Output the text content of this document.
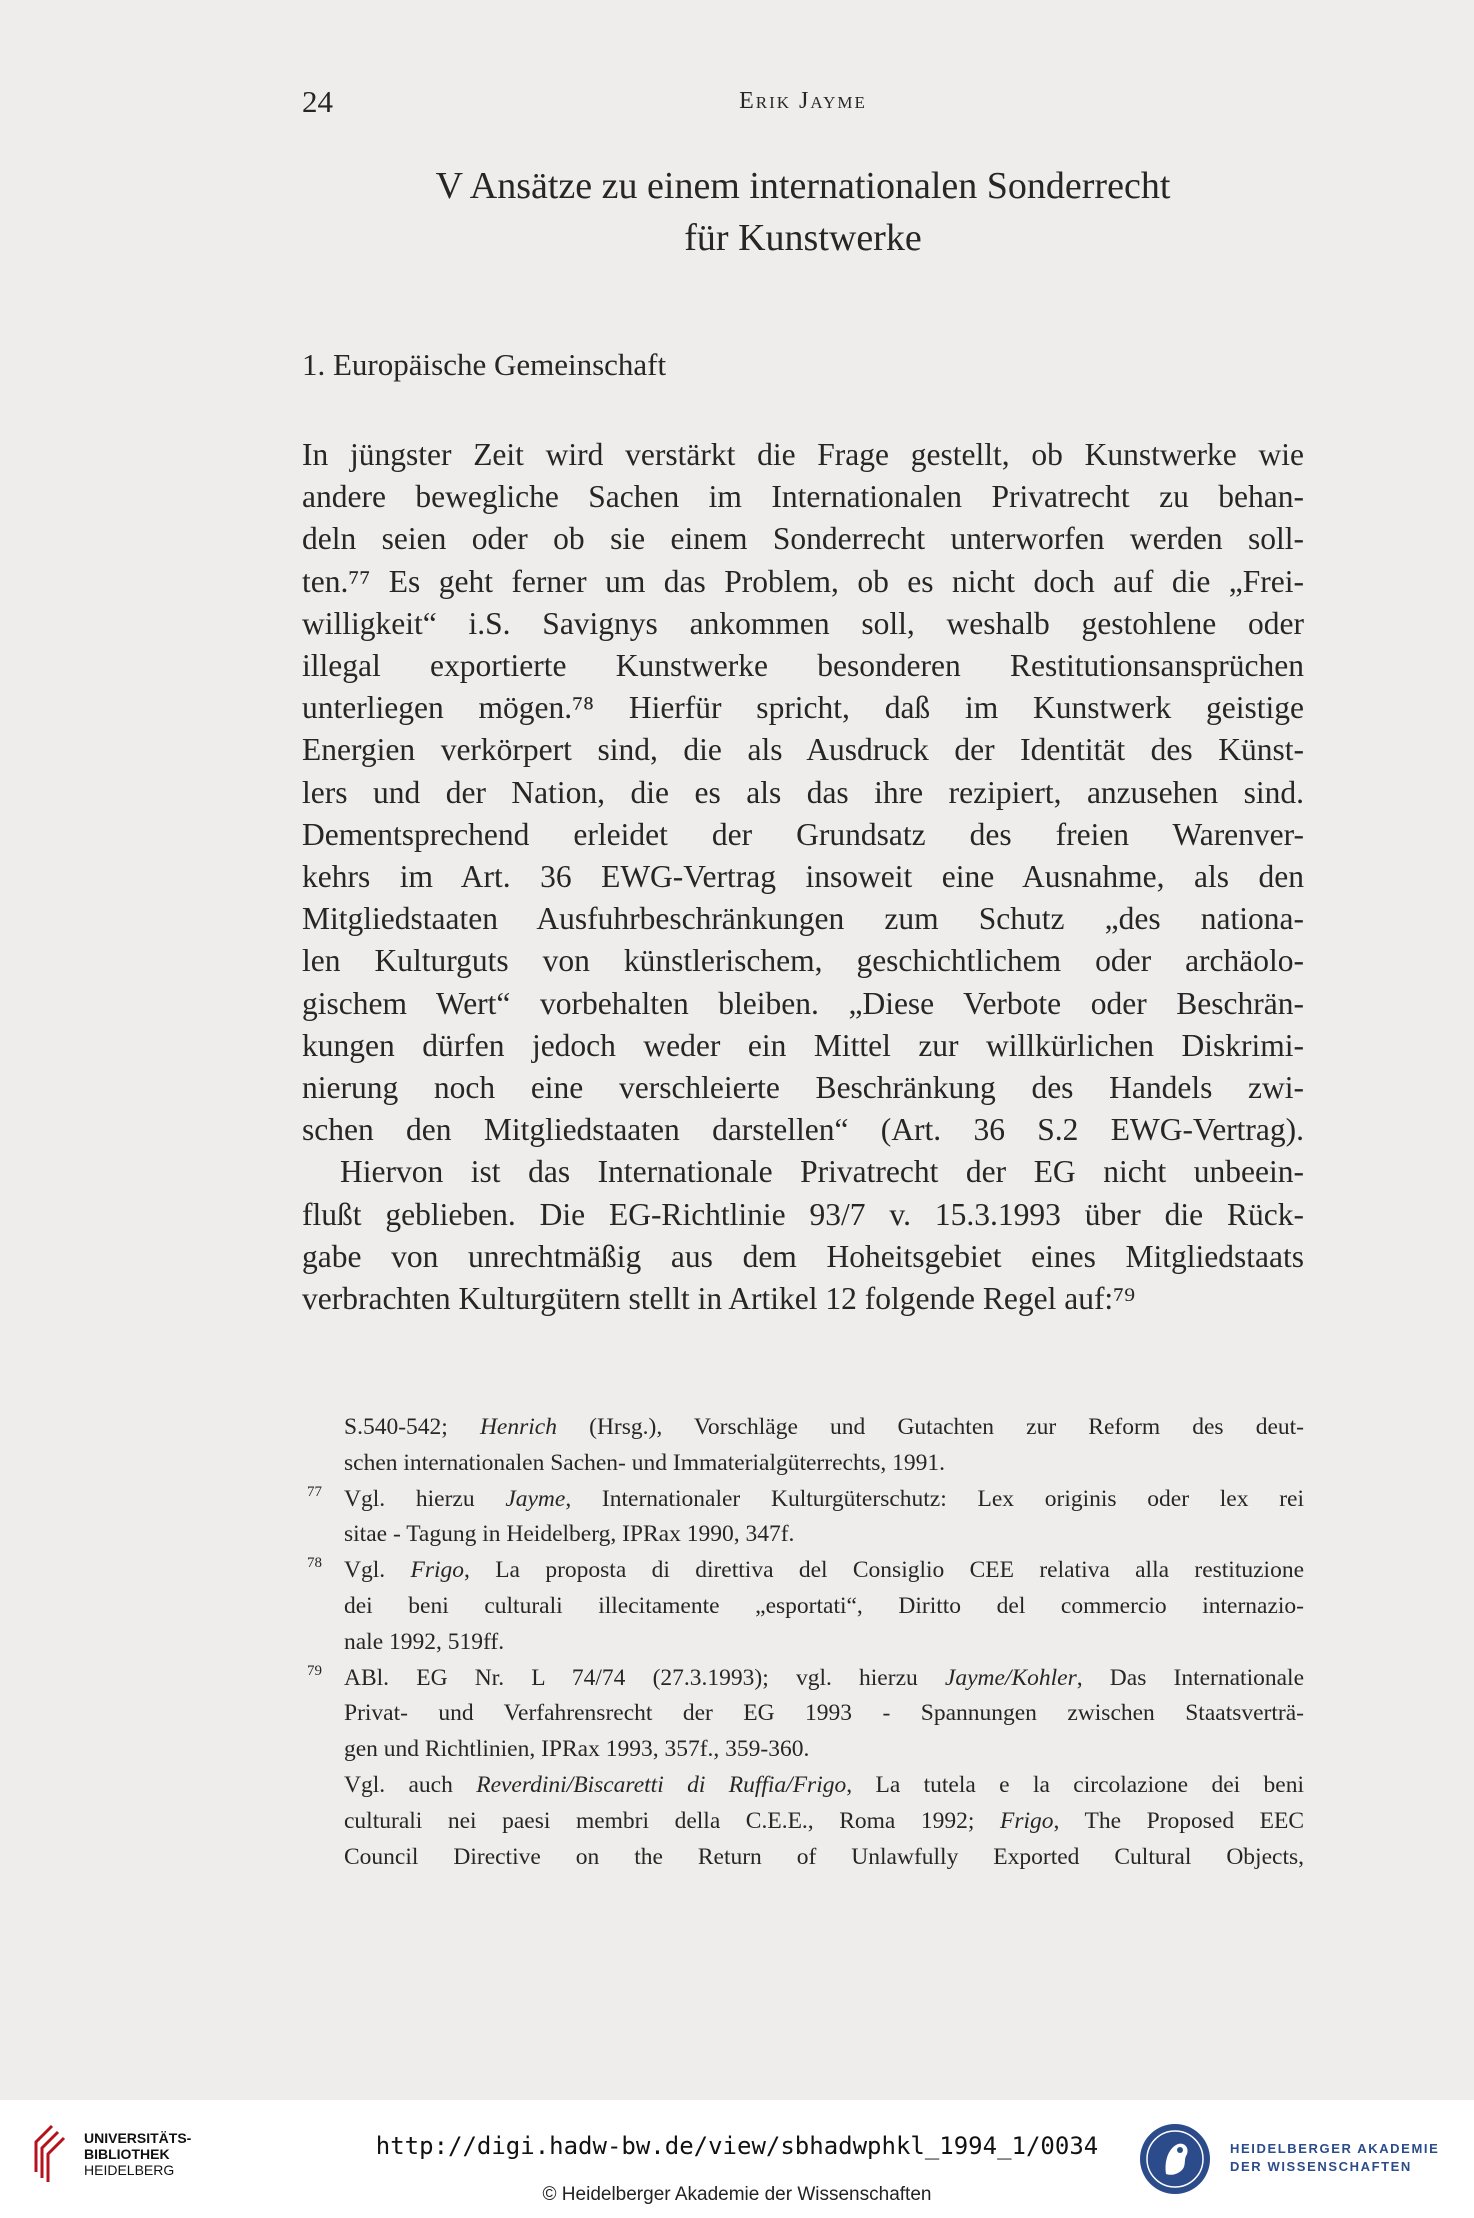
24	Erik Jayme
V Ansätze zu einem internationalen Sonderrecht
für Kunstwerke
1. Europäische Gemeinschaft
In jüngster Zeit wird verstärkt die Frage gestellt, ob Kunstwerke wie
andere bewegliche Sachen im Internationalen Privatrecht zu behan-
deln seien oder ob sie einem Sonderrecht unterworfen werden soll-
ten.⁷⁷ Es geht ferner um das Problem, ob es nicht doch auf die „Frei-
willigkeit“ i.S. Savignys ankommen soll, weshalb gestohlene oder
illegal exportierte Kunstwerke besonderen Restitutionsansprüchen
unterliegen mögen.⁷⁸ Hierfür spricht, daß im Kunstwerk geistige
Energien verkörpert sind, die als Ausdruck der Identität des Künst-
lers und der Nation, die es als das ihre rezipiert, anzusehen sind.
Dementsprechend erleidet der Grundsatz des freien Warenver-
kehrs im Art. 36 EWG-Vertrag insoweit eine Ausnahme, als den
Mitgliedstaaten Ausfuhrbeschränkungen zum Schutz „des nationa-
len Kulturguts von künstlerischem, geschichtlichem oder archäolo-
gischem Wert“ vorbehalten bleiben. „Diese Verbote oder Beschrän-
kungen dürfen jedoch weder ein Mittel zur willkürlichen Diskrimi-
nierung noch eine verschleierte Beschränkung des Handels zwi-
schen den Mitgliedstaaten darstellen“ (Art. 36 S.2 EWG-Vertrag).
Hiervon ist das Internationale Privatrecht der EG nicht unbeein-
flußt geblieben. Die EG-Richtlinie 93/7 v. 15.3.1993 über die Rück-
gabe von unrechtmäßig aus dem Hoheitsgebiet eines Mitgliedstaats
verbrachten Kulturgütern stellt in Artikel 12 folgende Regel auf:⁷⁹
S.540-542; Henrich (Hrsg.), Vorschläge und Gutachten zur Reform des deut-
schen internationalen Sachen- und Immaterialgüterrechts, 1991.
77 Vgl. hierzu Jayme, Internationaler Kulturgüterschutz: Lex originis oder lex rei
sitae - Tagung in Heidelberg, IPRax 1990, 347f.
78 Vgl. Frigo, La proposta di direttiva del Consiglio CEE relativa alla restituzione
dei beni culturali illecitamente „esportati“, Diritto del commercio internazio-
nale 1992, 519ff.
79 ABl. EG Nr. L 74/74 (27.3.1993); vgl. hierzu Jayme/Kohler, Das Internationale
Privat- und Verfahrensrecht der EG 1993 - Spannungen zwischen Staatsverträ-
gen und Richtlinien, IPRax 1993, 357f., 359-360.
Vgl. auch Reverdini/Biscaretti di Ruffia/Frigo, La tutela e la circolazione dei beni
culturali nei paesi membri della C.E.E., Roma 1992; Frigo, The Proposed EEC
Council Directive on the Return of Unlawfully Exported Cultural Objects,
UNIVERSITÄTS-
BIBLIOTHEK
HEIDELBERG
http://digi.hadw-bw.de/view/sbhadwphkl_1994_1/0034
© Heidelberger Akademie der Wissenschaften
HEIDELBERGER AKADEMIE
DER WISSENSCHAFTEN
